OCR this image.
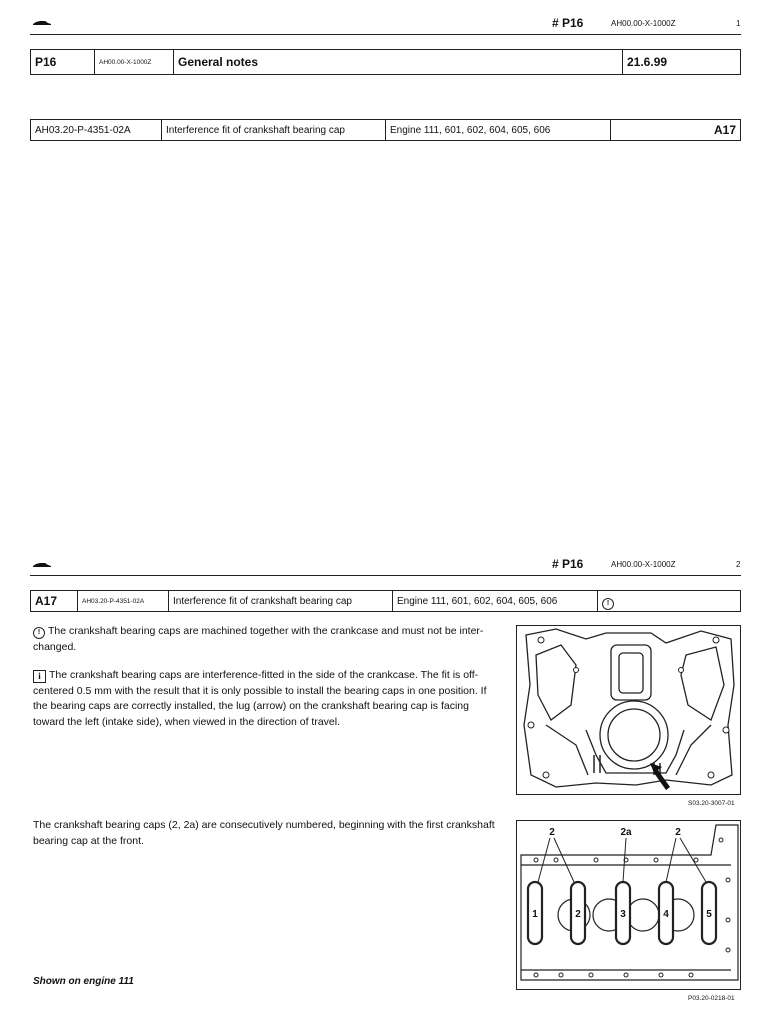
# P16	AH00.00-X-1000Z	1
P16	AH00.00-X-1000Z	General notes	21.6.99
AH03.20-P-4351-02A	Interference fit of crankshaft bearing cap	Engine 111, 601, 602, 604, 605, 606	A17
# P16	AH00.00-X-1000Z	2
A17	AH03.20-P-4351-02A	Interference fit of crankshaft bearing cap	Engine 111, 601, 602, 604, 605, 606	!
! The crankshaft bearing caps are machined together with the crankcase and must not be inter-changed.
i The crankshaft bearing caps are interference-fitted in the side of the crankcase. The fit is off-centered 0.5 mm with the result that it is only possible to install the bearing caps in one position. If the bearing caps are correctly installed, the lug (arrow) on the crankshaft bearing cap is facing toward the left (intake side), when viewed in the direction of travel.
The crankshaft bearing caps (2, 2a) are consecutively numbered, beginning with the first crankshaft bearing cap at the front.
Shown on engine 111
S03.20-3007-01
2	2a	2
1	2	3	4	5
P03.20-0218-01
